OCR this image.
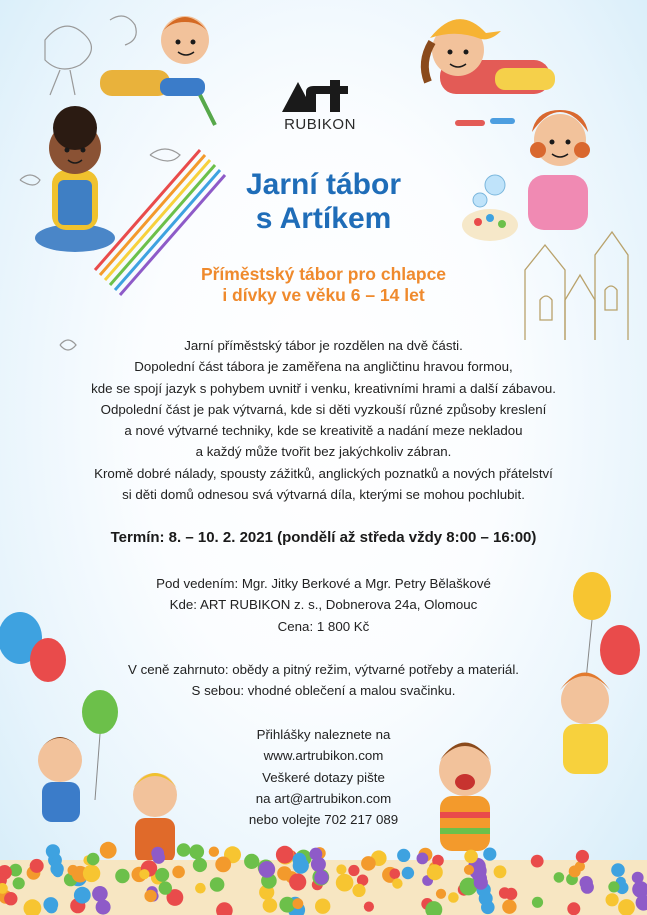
RUBIKON
Jarní tábor
s Artíkem
Příměstský tábor pro chlapce
i dívky ve věku 6 – 14 let
Jarní příměstský tábor je rozdělen na dvě části.
Dopolední část tábora je zaměřena na angličtinu hravou formou,
kde se spojí jazyk s pohybem uvnitř i venku, kreativními hrami a další zábavou.
Odpolední část je pak výtvarná, kde si děti vyzkouší různé způsoby kreslení
a nové výtvarné techniky, kde se kreativitě a nadání meze nekladou
a každý může tvořit bez jakýchkoliv zábran.
Kromě dobré nálady, spousty zážitků, anglických poznatků a nových přátelství
si děti domů odnesou svá výtvarná díla, kterými se mohou pochlubit.
Termín: 8. – 10. 2. 2021 (pondělí až středa vždy 8:00 – 16:00)
Pod vedením: Mgr. Jitky Berkové a Mgr. Petry Bělaškové
Kde: ART RUBIKON z. s., Dobnerova 24a, Olomouc
Cena: 1 800 Kč
V ceně zahrnuto: obědy a pitný režim, výtvarné potřeby a materiál.
S sebou: vhodné oblečení a malou svačinku.
Přihlášky naleznete na
www.artrubikon.com
Veškeré dotazy pište
na art@artrubikon.com
nebo volejte 702 217 089
